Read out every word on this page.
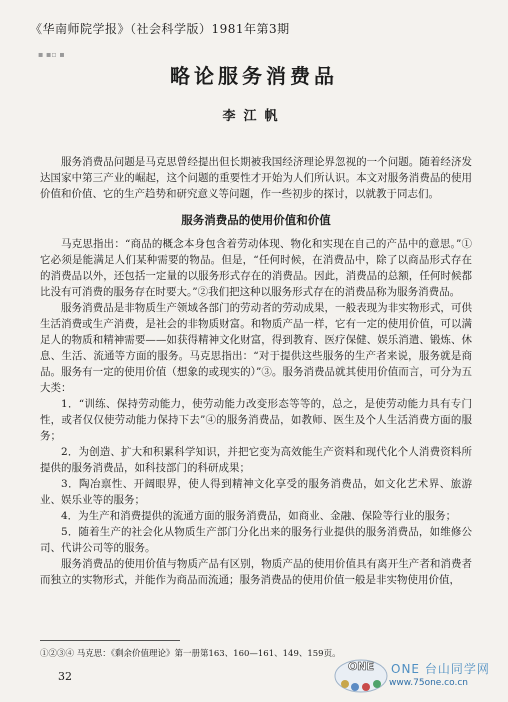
《华南师院学报》（社会科学版）1981年第3期
▪ ▪▫ ▪
略论服务消费品
李江帆

服务消费品问题是马克思曾经提出但长期被我国经济理论界忽视的一个问题。随着经济发达国家中第三产业的崛起，这个问题的重要性才开始为人们所认识。本文对服务消费品的使用价值和价值、它的生产趋势和研究意义等问题，作一些初步的探讨，以就教于同志们。

服务消费品的使用价值和价值

马克思指出：“商品的概念本身包含着劳动体现、物化和实现在自己的产品中的意思。”①它必须是能满足人们某种需要的物品。但是，“任何时候，在消费品中，除了以商品形式存在的消费品以外，还包括一定量的以服务形式存在的消费品。因此，消费品的总额，任何时候都比没有可消费的服务存在时要大。”②我们把这种以服务形式存在的消费品称为服务消费品。

服务消费品是非物质生产领域各部门的劳动者的劳动成果，一般表现为非实物形式，可供生活消费或生产消费，是社会的非物质财富。和物质产品一样，它有一定的使用价值，可以满足人的物质和精神需要——如获得精神文化财富，得到教育、医疗保健、娱乐消遣、锻炼、休息、生活、流通等方面的服务。马克思指出：“对于提供这些服务的生产者来说，服务就是商品。服务有一定的使用价值（想象的或现实的）”③。服务消费品就其使用价值而言，可分为五大类：

1．“训练、保持劳动能力，使劳动能力改变形态等等的，总之，是使劳动能力具有专门性，或者仅仅使劳动能力保持下去”④的服务消费品，如教师、医生及个人生活消费方面的服务；

2．为创造、扩大和积累科学知识，并把它变为高效能生产资料和现代化个人消费资料所提供的服务消费品，如科技部门的科研成果；

3．陶冶禀性、开阔眼界，使人得到精神文化享受的服务消费品，如文化艺术界、旅游业、娱乐业等的服务；

4．为生产和消费提供的流通方面的服务消费品，如商业、金融、保险等行业的服务；

5．随着生产的社会化从物质生产部门分化出来的服务行业提供的服务消费品，如维修公司、代讲公司等的服务。

服务消费品的使用价值与物质产品有区别，物质产品的使用价值具有离开生产者和消费者而独立的实物形式，并能作为商品而流通；服务消费品的使用价值一般是非实物使用价值，

①②③④ 马克思：《剩余价值理论》第一册第163、160—161、149、159页。
32
ONE ONE 台山同学网
www.75one.co.cn
